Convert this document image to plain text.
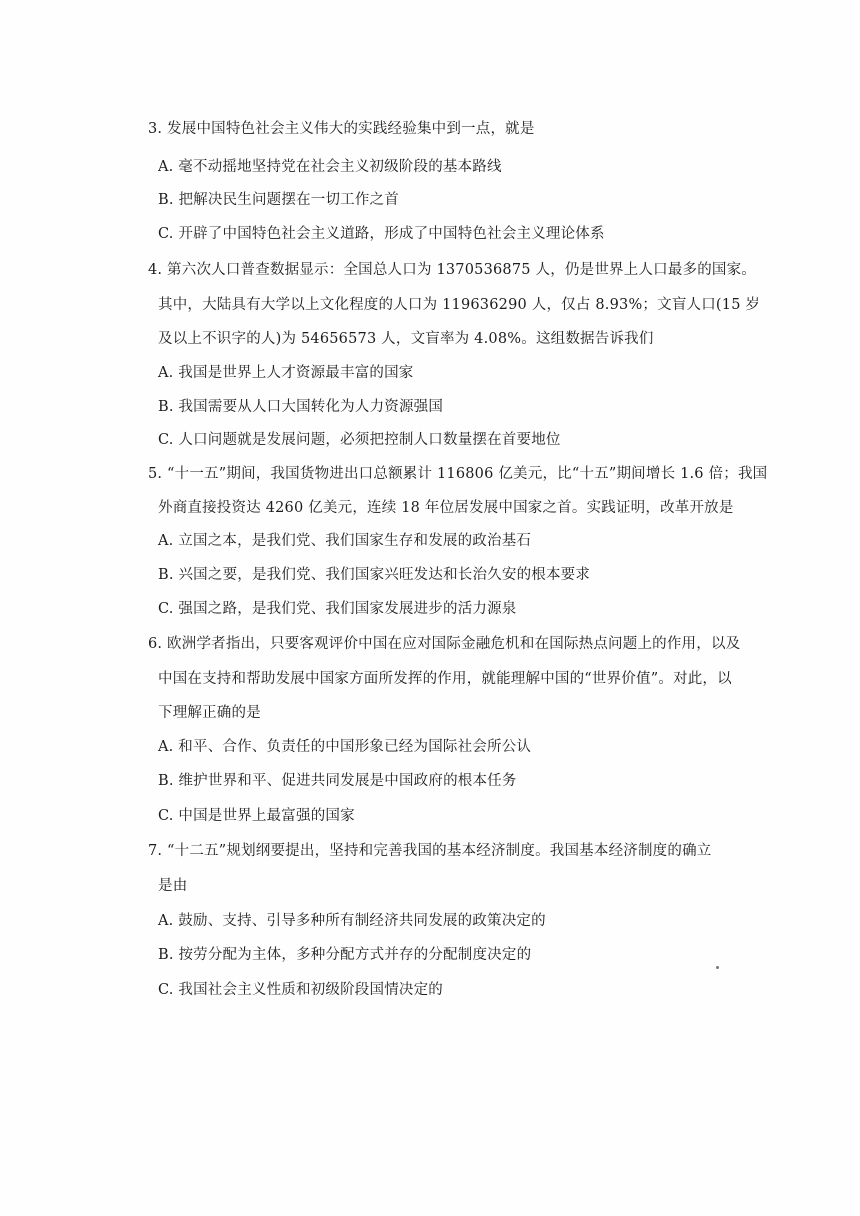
3. 发展中国特色社会主义伟大的实践经验集中到一点，就是
A. 毫不动摇地坚持党在社会主义初级阶段的基本路线
B. 把解决民生问题摆在一切工作之首
C. 开辟了中国特色社会主义道路，形成了中国特色社会主义理论体系
4. 第六次人口普查数据显示：全国总人口为 1370536875 人，仍是世界上人口最多的国家。
其中，大陆具有大学以上文化程度的人口为 119636290 人，仅占 8.93%；文盲人口(15 岁
及以上不识字的人)为 54656573 人，文盲率为 4.08%。这组数据告诉我们
A. 我国是世界上人才资源最丰富的国家
B. 我国需要从人口大国转化为人力资源强国
C. 人口问题就是发展问题，必须把控制人口数量摆在首要地位
5. “十一五”期间，我国货物进出口总额累计 116806 亿美元，比“十五”期间增长 1.6 倍；我国
外商直接投资达 4260 亿美元，连续 18 年位居发展中国家之首。实践证明，改革开放是
A. 立国之本，是我们党、我们国家生存和发展的政治基石
B. 兴国之要，是我们党、我们国家兴旺发达和长治久安的根本要求
C. 强国之路，是我们党、我们国家发展进步的活力源泉
6. 欧洲学者指出，只要客观评价中国在应对国际金融危机和在国际热点问题上的作用，以及
中国在支持和帮助发展中国家方面所发挥的作用，就能理解中国的“世界价值”。对此，以
下理解正确的是
A. 和平、合作、负责任的中国形象已经为国际社会所公认
B. 维护世界和平、促进共同发展是中国政府的根本任务
C. 中国是世界上最富强的国家
7. “十二五”规划纲要提出，坚持和完善我国的基本经济制度。我国基本经济制度的确立
是由
A. 鼓励、支持、引导多种所有制经济共同发展的政策决定的
B. 按劳分配为主体，多种分配方式并存的分配制度决定的
C. 我国社会主义性质和初级阶段国情决定的
